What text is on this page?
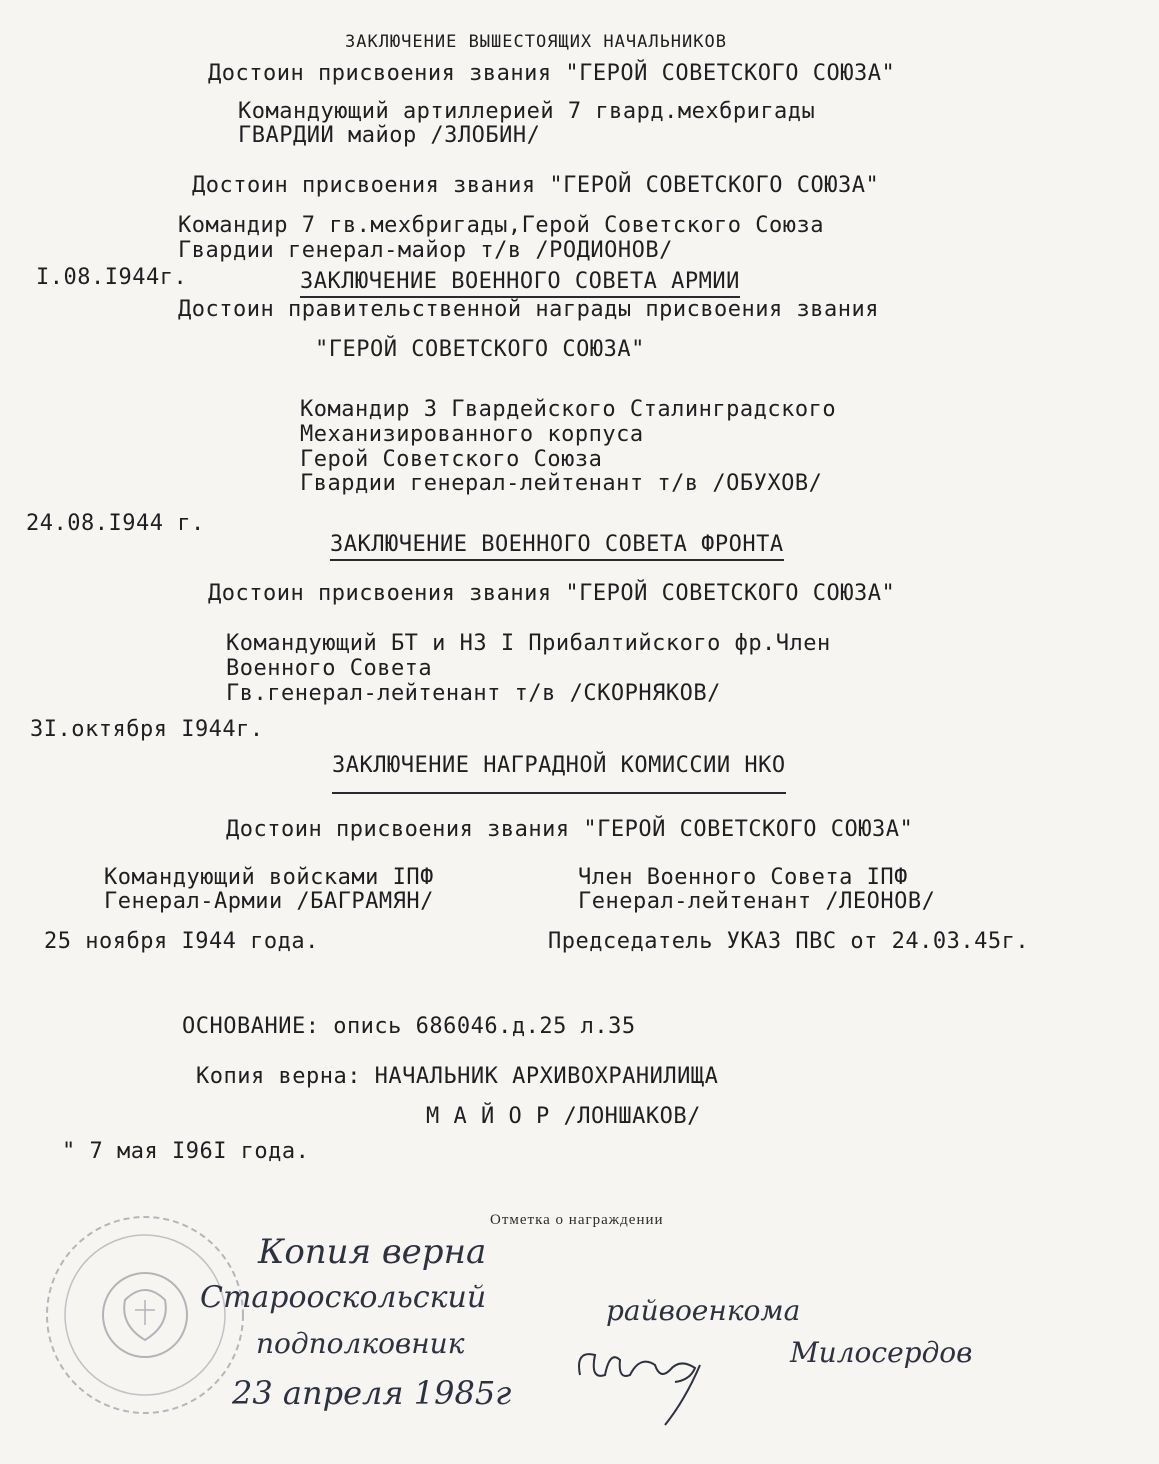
ЗАКЛЮЧЕНИЕ ВЫШЕСТОЯЩИХ НАЧАЛЬНИКОВ
Достоин присвоения звания "ГЕРОЙ СОВЕТСКОГО СОЮЗА"
Командующий артиллерией 7 гвард.мехбригады
ГВАРДИИ майор /ЗЛОБИН/
Достоин присвоения звания "ГЕРОЙ СОВЕТСКОГО СОЮЗА"
Командир 7 гв.мехбригады,Герой Советского Союза
Гвардии генерал-майор т/в /РОДИОНОВ/
I.08.I944г.	ЗАКЛЮЧЕНИЕ ВОЕННОГО СОВЕТА АРМИИ
Достоин правительственной награды присвоения звания
"ГЕРОЙ СОВЕТСКОГО СОЮЗА"
Командир 3 Гвардейского Сталинградского
Механизированного корпуса
Герой Советского Союза
Гвардии генерал-лейтенант т/в /ОБУХОВ/
24.08.I944 г.
ЗАКЛЮЧЕНИЕ ВОЕННОГО СОВЕТА ФРОНТА
Достоин присвоения звания "ГЕРОЙ СОВЕТСКОГО СОЮЗА"
Командующий БТ и НЗ I Прибалтийского фр.Член
Военного Совета
Гв.генерал-лейтенант т/в /СКОРНЯКОВ/
3I.октября I944г.
ЗАКЛЮЧЕНИЕ НАГРАДНОЙ КОМИССИИ НКО
Достоин присвоения звания "ГЕРОЙ СОВЕТСКОГО СОЮЗА"
Командующий войсками IПФ
Генерал-Армии /БАГРАМЯН/
Член Военного Совета IПФ
Генерал-лейтенант /ЛЕОНОВ/
25 ноября I944 года.	Председатель УКАЗ ПВС от 24.03.45г.
ОСНОВАНИЕ: опись 686046.д.25 л.35
Копия верна: НАЧАЛЬНИК АРХИВОХРАНИЛИЩА
М А Й О Р /ЛОНШАКОВ/
" 7 мая I96I года.
Отметка о награждении
Копия верна
Старооскольский
подполковник
23 апреля 1985г
райвоенкома
Милосердов
